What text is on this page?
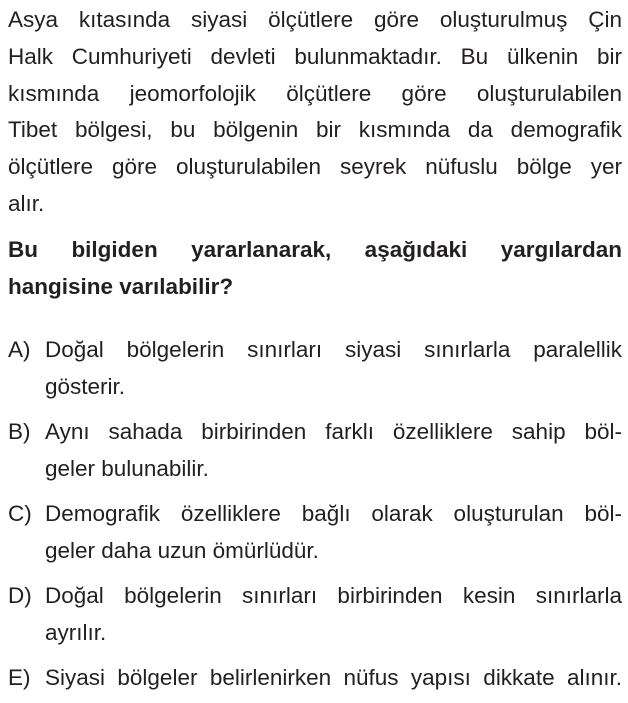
Asya kıtasında siyasi ölçütlere göre oluşturulmuş Çin
Halk Cumhuriyeti devleti bulunmaktadır. Bu ülkenin bir
kısmında jeomorfolojik ölçütlere göre oluşturulabilen
Tibet bölgesi, bu bölgenin bir kısmında da demografik
ölçütlere göre oluşturulabilen seyrek nüfuslu bölge yer
alır.
Bu bilgiden yararlanarak, aşağıdaki yargılardan
hangisine varılabilir?
A) Doğal bölgelerin sınırları siyasi sınırlarla paralellik
gösterir.
B) Aynı sahada birbirinden farklı özelliklere sahip böl-
geler bulunabilir.
C) Demografik özelliklere bağlı olarak oluşturulan böl-
geler daha uzun ömürlüdür.
D) Doğal bölgelerin sınırları birbirinden kesin sınırlarla
ayrılır.
E) Siyasi bölgeler belirlenirken nüfus yapısı dikkate alınır.
